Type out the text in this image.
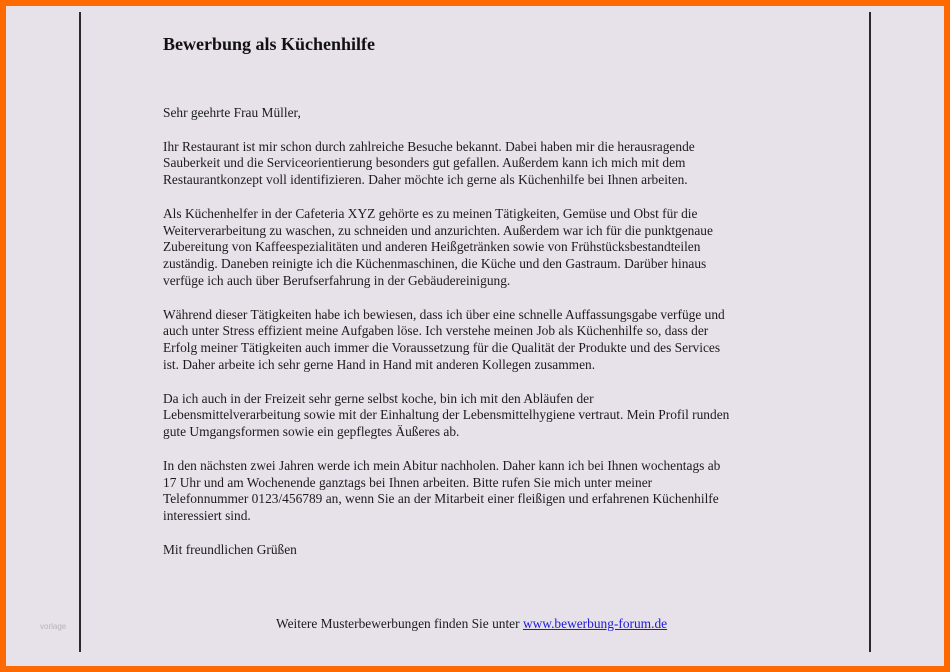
Bewerbung als Küchenhilfe

Sehr geehrte Frau Müller,

Ihr Restaurant ist mir schon durch zahlreiche Besuche bekannt. Dabei haben mir die herausragende
Sauberkeit und die Serviceorientierung besonders gut gefallen. Außerdem kann ich mich mit dem
Restaurantkonzept voll identifizieren. Daher möchte ich gerne als Küchenhilfe bei Ihnen arbeiten.

Als Küchenhelfer in der Cafeteria XYZ gehörte es zu meinen Tätigkeiten, Gemüse und Obst für die
Weiterverarbeitung zu waschen, zu schneiden und anzurichten. Außerdem war ich für die punktgenaue
Zubereitung von Kaffeespezialitäten und anderen Heißgetränken sowie von Frühstücksbestandteilen
zuständig. Daneben reinigte ich die Küchenmaschinen, die Küche und den Gastraum. Darüber hinaus
verfüge ich auch über Berufserfahrung in der Gebäudereinigung.

Während dieser Tätigkeiten habe ich bewiesen, dass ich über eine schnelle Auffassungsgabe verfüge und
auch unter Stress effizient meine Aufgaben löse. Ich verstehe meinen Job als Küchenhilfe so, dass der
Erfolg meiner Tätigkeiten auch immer die Voraussetzung für die Qualität der Produkte und des Services
ist. Daher arbeite ich sehr gerne Hand in Hand mit anderen Kollegen zusammen.

Da ich auch in der Freizeit sehr gerne selbst koche, bin ich mit den Abläufen der
Lebensmittelverarbeitung sowie mit der Einhaltung der Lebensmittelhygiene vertraut. Mein Profil runden
gute Umgangsformen sowie ein gepflegtes Äußeres ab.

In den nächsten zwei Jahren werde ich mein Abitur nachholen. Daher kann ich bei Ihnen wochentags ab
17 Uhr und am Wochenende ganztags bei Ihnen arbeiten. Bitte rufen Sie mich unter meiner
Telefonnummer 0123/456789 an, wenn Sie an der Mitarbeit einer fleißigen und erfahrenen Küchenhilfe
interessiert sind.

Mit freundlichen Grüßen

Weitere Musterbewerbungen finden Sie unter www.bewerbung-forum.de
vorlage
